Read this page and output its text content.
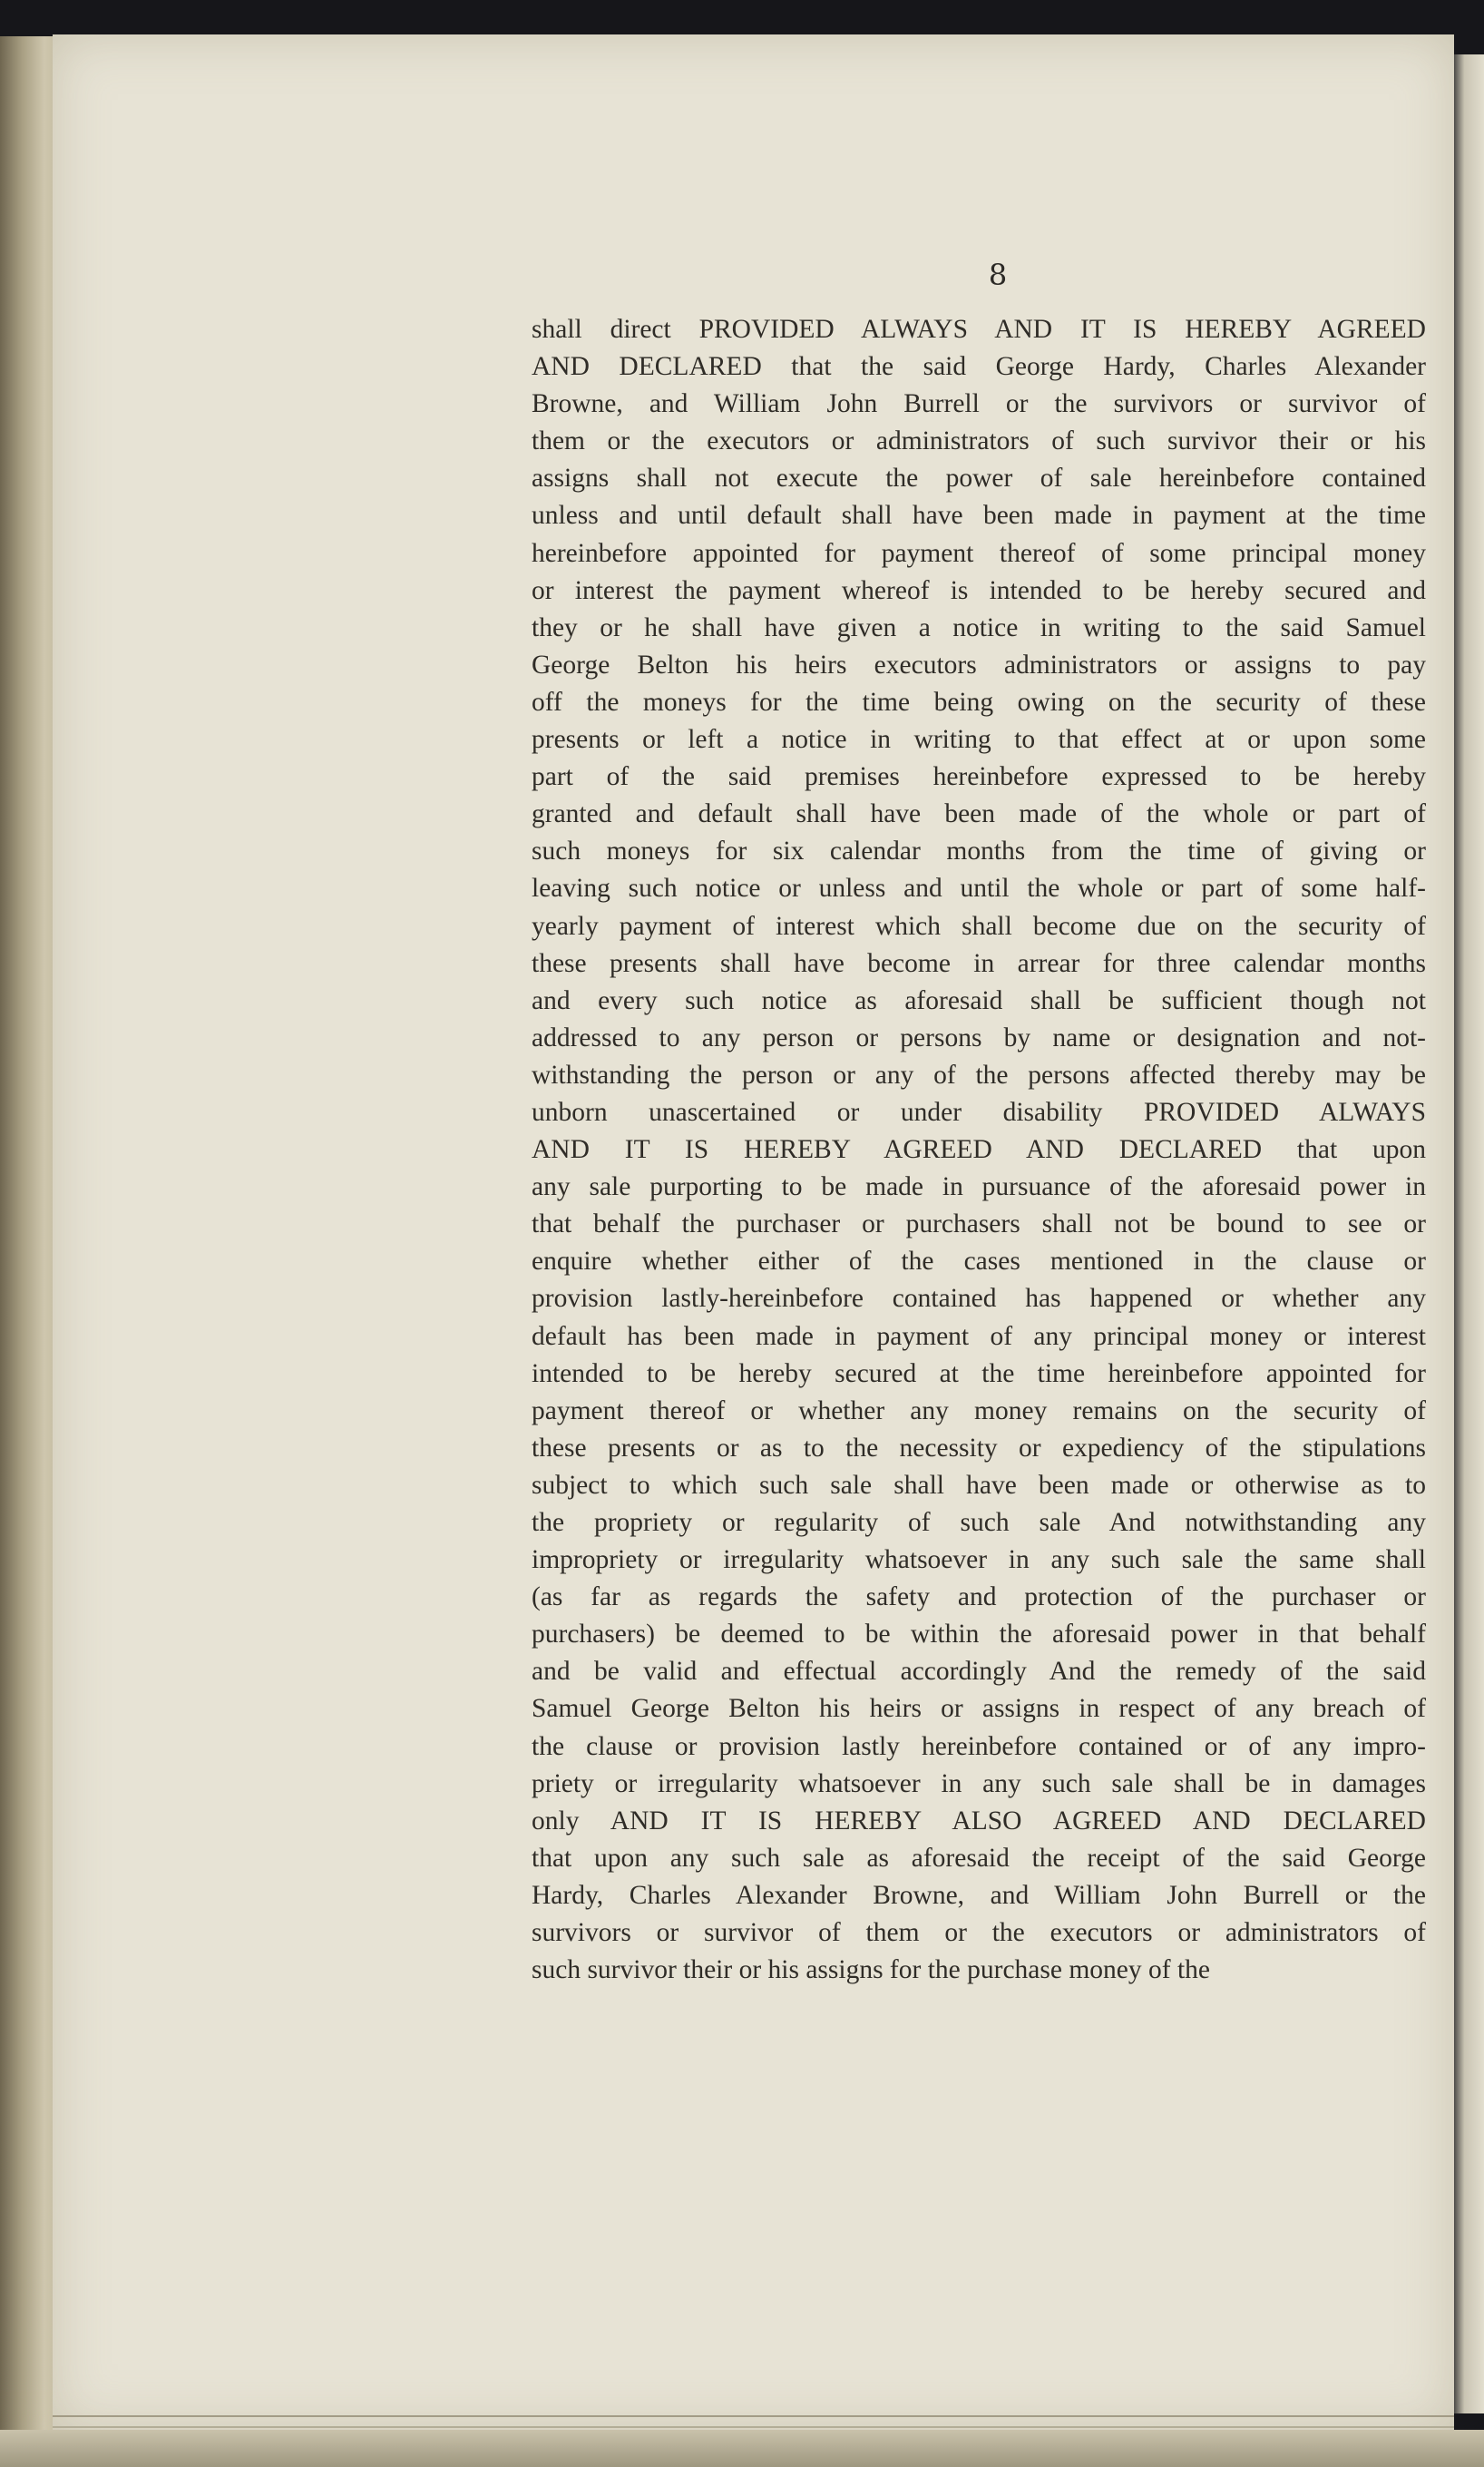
8
shall direct PROVIDED ALWAYS AND IT IS HEREBY AGREED
AND DECLARED that the said George Hardy, Charles Alexander
Browne, and William John Burrell or the survivors or survivor of
them or the executors or administrators of such survivor their or his
assigns shall not execute the power of sale hereinbefore contained
unless and until default shall have been made in payment at the time
hereinbefore appointed for payment thereof of some principal money
or interest the payment whereof is intended to be hereby secured and
they or he shall have given a notice in writing to the said Samuel
George Belton his heirs executors administrators or assigns to pay
off the moneys for the time being owing on the security of these
presents or left a notice in writing to that effect at or upon some
part of the said premises hereinbefore expressed to be hereby
granted and default shall have been made of the whole or part of
such moneys for six calendar months from the time of giving or
leaving such notice or unless and until the whole or part of some half-
yearly payment of interest which shall become due on the security of
these presents shall have become in arrear for three calendar months
and every such notice as aforesaid shall be sufficient though not
addressed to any person or persons by name or designation and not-
withstanding the person or any of the persons affected thereby may be
unborn unascertained or under disability PROVIDED ALWAYS
AND IT IS HEREBY AGREED AND DECLARED that upon
any sale purporting to be made in pursuance of the aforesaid power in
that behalf the purchaser or purchasers shall not be bound to see or
enquire whether either of the cases mentioned in the clause or
provision lastly-hereinbefore contained has happened or whether any
default has been made in payment of any principal money or interest
intended to be hereby secured at the time hereinbefore appointed for
payment thereof or whether any money remains on the security of
these presents or as to the necessity or expediency of the stipulations
subject to which such sale shall have been made or otherwise as to
the propriety or regularity of such sale And notwithstanding any
impropriety or irregularity whatsoever in any such sale the same shall
(as far as regards the safety and protection of the purchaser or
purchasers) be deemed to be within the aforesaid power in that behalf
and be valid and effectual accordingly And the remedy of the said
Samuel George Belton his heirs or assigns in respect of any breach of
the clause or provision lastly hereinbefore contained or of any impro-
priety or irregularity whatsoever in any such sale shall be in damages
only AND IT IS HEREBY ALSO AGREED AND DECLARED
that upon any such sale as aforesaid the receipt of the said George
Hardy, Charles Alexander Browne, and William John Burrell or the
survivors or survivor of them or the executors or administrators of
such survivor their or his assigns for the purchase money of the
